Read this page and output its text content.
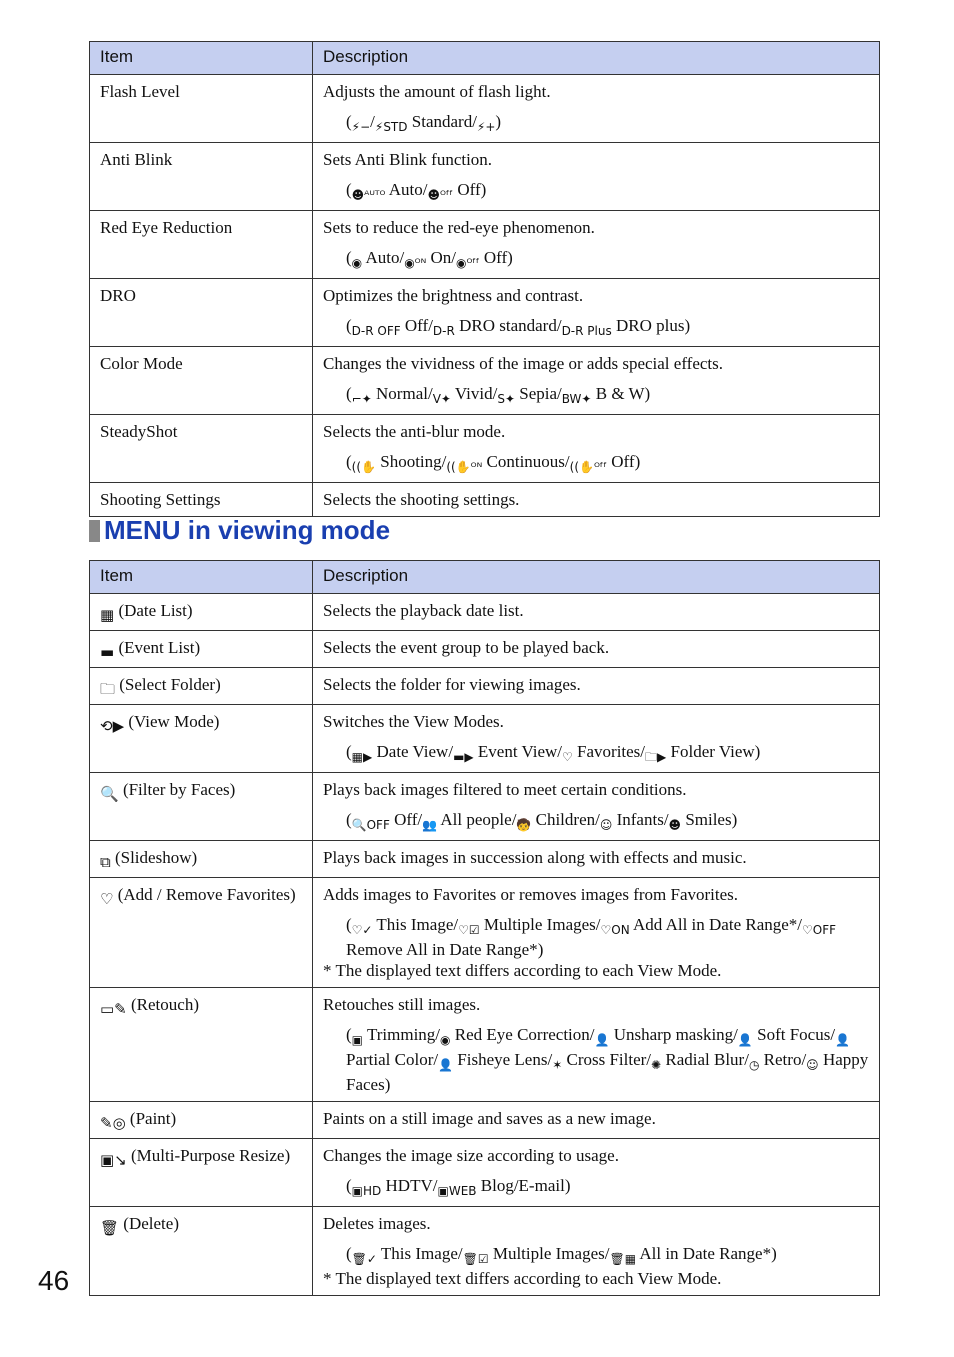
Item	Description
Flash Level	Adjusts the amount of flash light.
(⚡−/⚡STD Standard/⚡+)

Anti Blink	Sets Anti Blink function.
(☻ᴬᵁᵀᴼ Auto/☻ᴼᶠᶠ Off)

Red Eye Reduction	Sets to reduce the red-eye phenomenon.
(◉ Auto/◉ᴼᴺ On/◉ᴼᶠᶠ Off)

DRO	Optimizes the brightness and contrast.
(D-R OFF Off/D-R DRO standard/D-R Plus DRO plus)

Color Mode	Changes the vividness of the image or adds special effects.
(⌐✦ Normal/V✦ Vivid/S✦ Sepia/BW✦ B & W)

SteadyShot	Selects the anti-blur mode.
(((✋ Shooting/((✋ᴼᴺ Continuous/((✋ᴼᶠᶠ Off)

Shooting Settings	Selects the shooting settings.
MENU in viewing mode
Item	Description
▦ (Date List)	Selects the playback date list.

▬ (Event List)	Selects the event group to be played back.

🗀 (Select Folder)	Selects the folder for viewing images.

⟲▶ (View Mode)	Switches the View Modes.
(▦▶ Date View/▬▶ Event View/♡ Favorites/🗀▶ Folder View)

🔍 (Filter by Faces)	Plays back images filtered to meet certain conditions.
(🔍OFF Off/👥 All people/🧒 Children/☺ Infants/☻ Smiles)

⧉ (Slideshow)	Plays back images in succession along with effects and music.

♡ (Add / Remove Favorites)	Adds images to Favorites or removes images from Favorites.
(♡✓ This Image/♡☑ Multiple Images/♡ON Add All in Date Range*/♡OFF Remove All in Date Range*)
* The displayed text differs according to each View Mode.

▭✎ (Retouch)	Retouches still images.
(▣ Trimming/◉ Red Eye Correction/👤 Unsharp masking/👤 Soft Focus/👤 Partial Color/👤 Fisheye Lens/✶ Cross Filter/✺ Radial Blur/◷ Retro/☺ Happy Faces)

✎◎ (Paint)	Paints on a still image and saves as a new image.

▣↘ (Multi-Purpose Resize)	Changes the image size according to usage.
(▣HD HDTV/▣WEB Blog/E-mail)

🗑 (Delete)	Deletes images.
(🗑✓ This Image/🗑☑ Multiple Images/🗑▦ All in Date Range*)
* The displayed text differs according to each View Mode.
46
